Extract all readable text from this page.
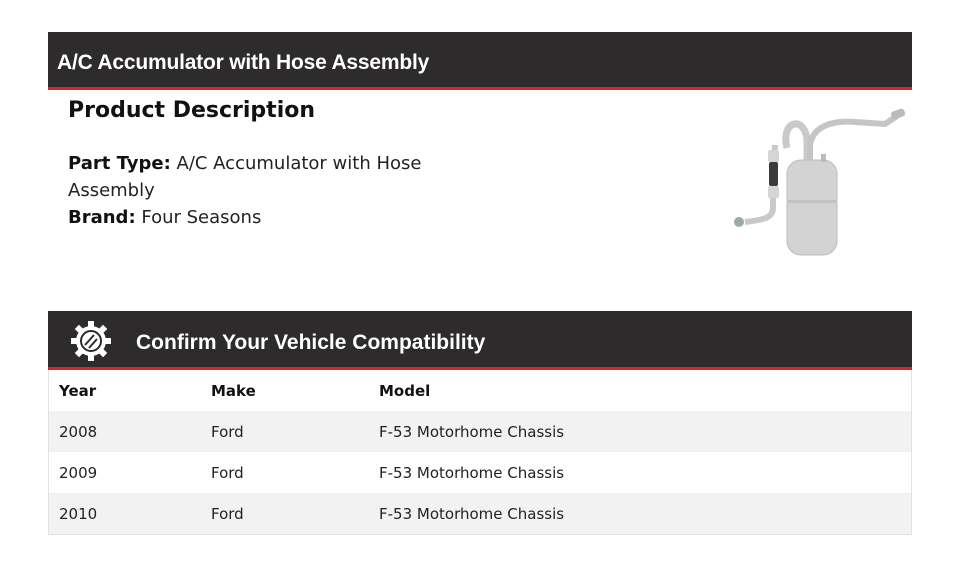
A/C Accumulator with Hose Assembly
Product Description
Part Type: A/C Accumulator with Hose Assembly
Brand: Four Seasons
Confirm Your Vehicle Compatibility
Year	Make	Model
2008	Ford	F-53 Motorhome Chassis
2009	Ford	F-53 Motorhome Chassis
2010	Ford	F-53 Motorhome Chassis
